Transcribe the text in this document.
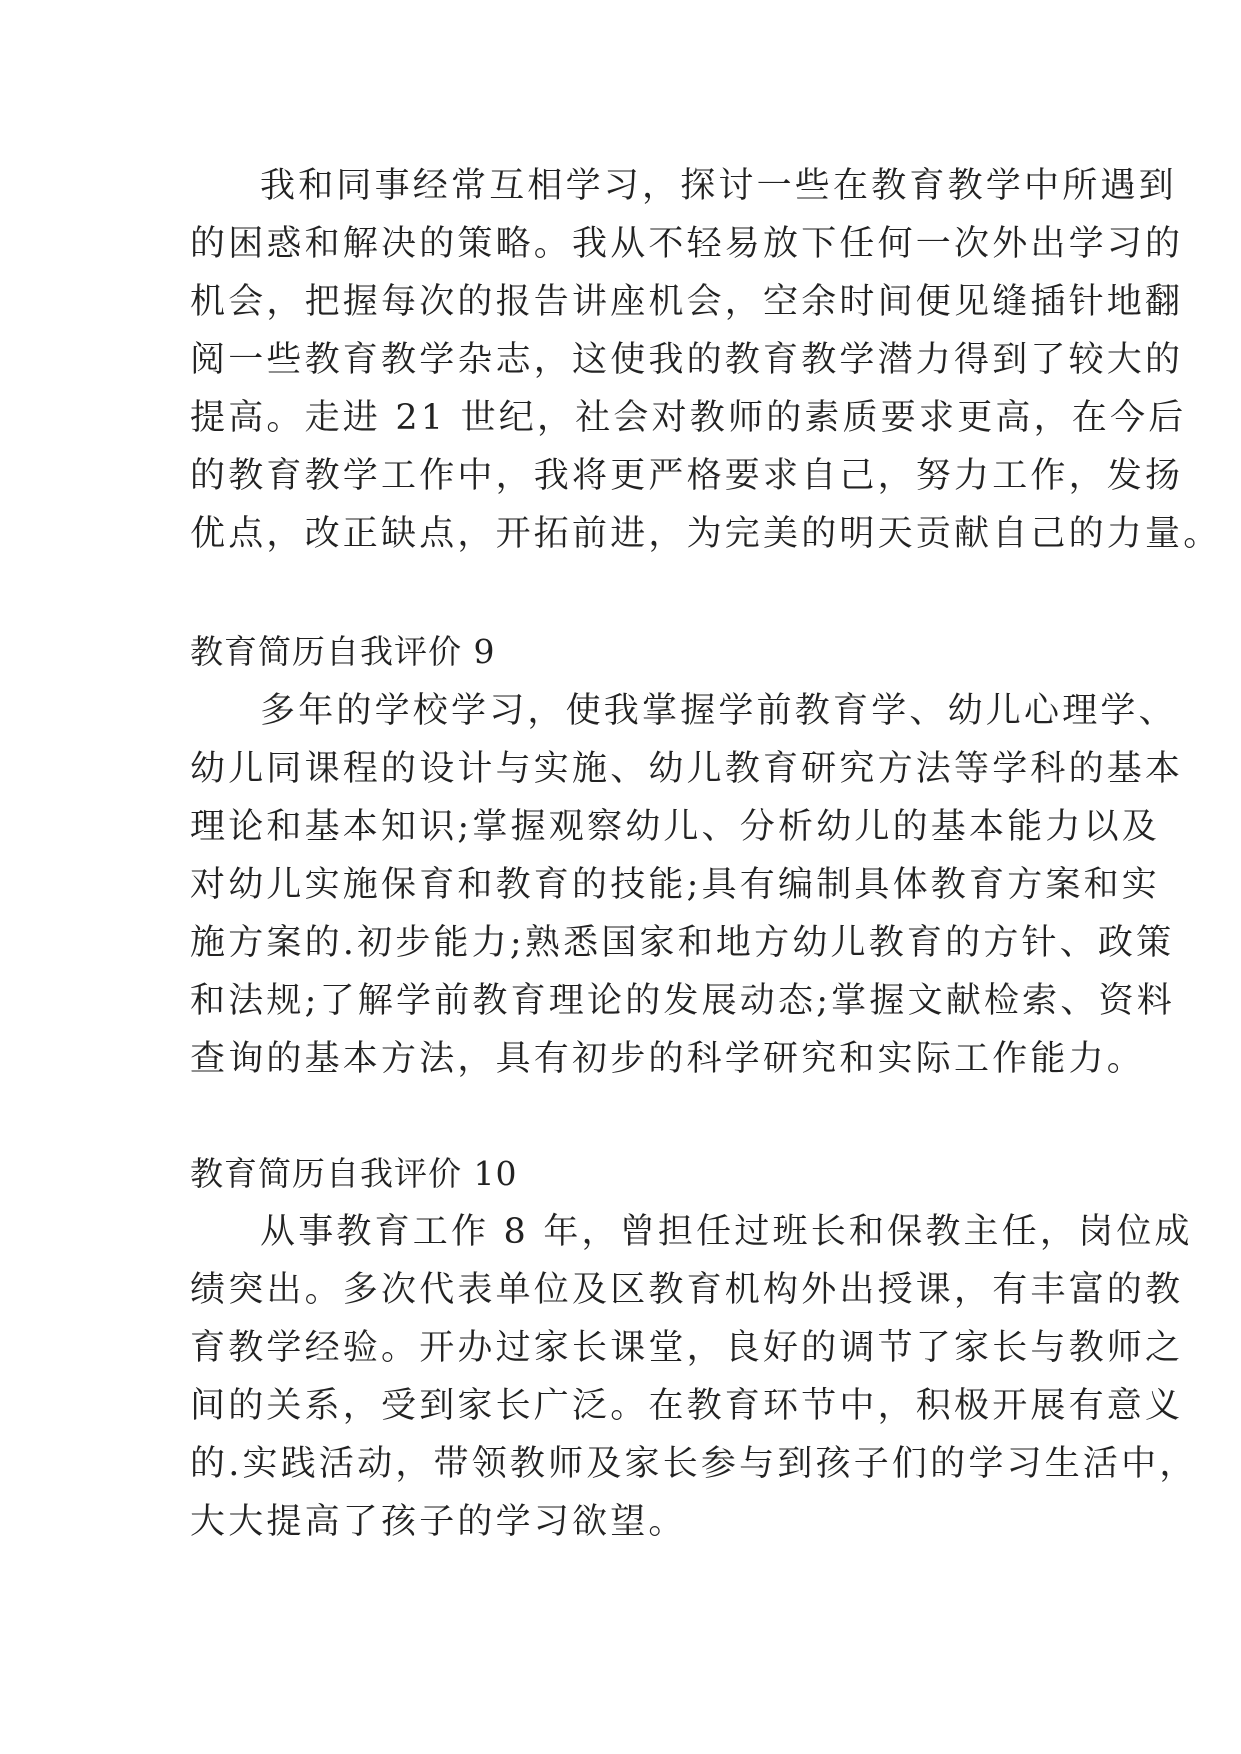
我和同事经常互相学习，探讨一些在教育教学中所遇到
的困惑和解决的策略。我从不轻易放下任何一次外出学习的
机会，把握每次的报告讲座机会，空余时间便见缝插针地翻
阅一些教育教学杂志，这使我的教育教学潜力得到了较大的
提高。走进 21 世纪，社会对教师的素质要求更高，在今后
的教育教学工作中，我将更严格要求自己，努力工作，发扬
优点，改正缺点，开拓前进，为完美的明天贡献自己的力量。
教育简历自我评价 9
多年的学校学习，使我掌握学前教育学、幼儿心理学、
幼儿同课程的设计与实施、幼儿教育研究方法等学科的基本
理论和基本知识;掌握观察幼儿、分析幼儿的基本能力以及
对幼儿实施保育和教育的技能;具有编制具体教育方案和实
施方案的.初步能力;熟悉国家和地方幼儿教育的方针、政策
和法规;了解学前教育理论的发展动态;掌握文献检索、资料
查询的基本方法，具有初步的科学研究和实际工作能力。
教育简历自我评价 10
从事教育工作 8 年，曾担任过班长和保教主任，岗位成
绩突出。多次代表单位及区教育机构外出授课，有丰富的教
育教学经验。开办过家长课堂，良好的调节了家长与教师之
间的关系，受到家长广泛。在教育环节中，积极开展有意义
的.实践活动，带领教师及家长参与到孩子们的学习生活中，
大大提高了孩子的学习欲望。
